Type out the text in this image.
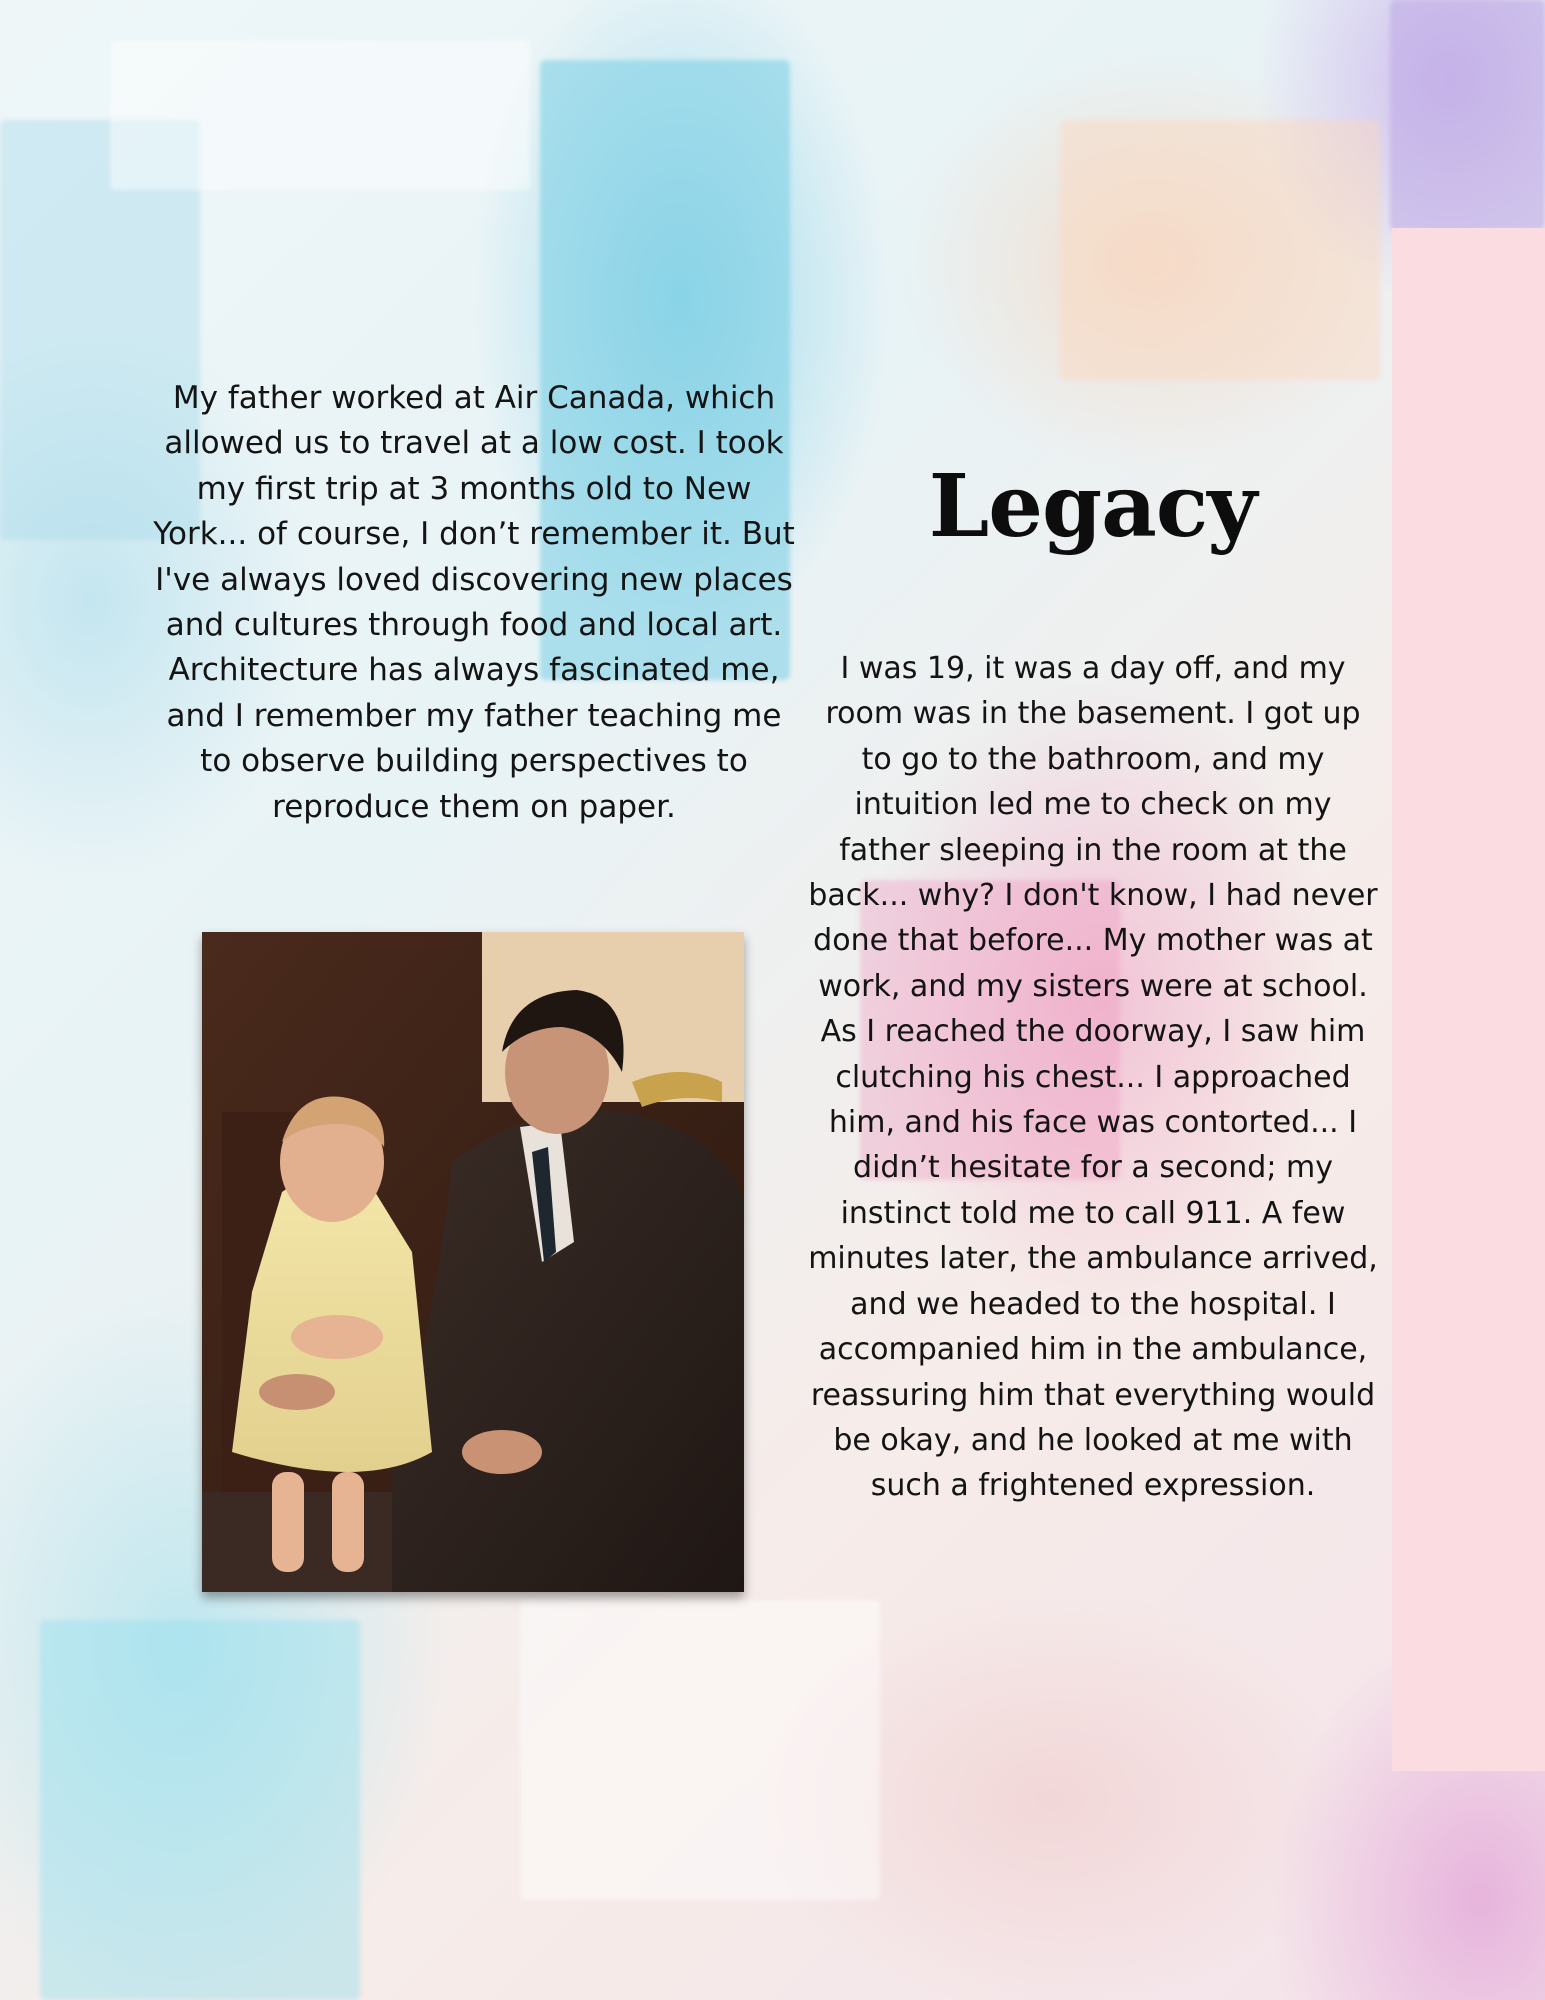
My father worked at Air Canada, which allowed us to travel at a low cost. I took my first trip at 3 months old to New York... of course, I don’t remember it. But I've always loved discovering new places and cultures through food and local art. Architecture has always fascinated me, and I remember my father teaching me to observe building perspectives to reproduce them on paper.

Legacy

I was 19, it was a day off, and my room was in the basement. I got up to go to the bathroom, and my intuition led me to check on my father sleeping in the room at the back... why? I don't know, I had never done that before... My mother was at work, and my sisters were at school. As I reached the doorway, I saw him clutching his chest... I approached him, and his face was contorted... I didn’t hesitate for a second; my instinct told me to call 911. A few minutes later, the ambulance arrived, and we headed to the hospital. I accompanied him in the ambulance, reassuring him that everything would be okay, and he looked at me with such a frightened expression.
